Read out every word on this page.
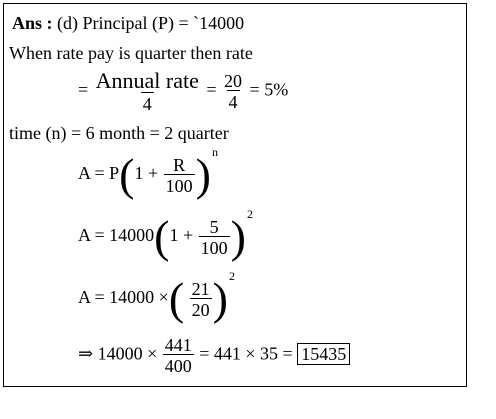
Ans : (d) Principal (P) = `14000
When rate pay is quarter then rate
= $\frac{\text{Annual rate}}{4} = \frac{20}{4} = 5\%$
time (n) = 6 month = 2 quarter
$A = P(1 + \frac{R}{100} )^n$
$A = 14000(1 + \frac{5}{100} )^2$
A = 14000 ×( $\frac{21}{20} )^2$
⇒ $14000 \times \frac{441}{400} = 441 \times 35 = 15435$
